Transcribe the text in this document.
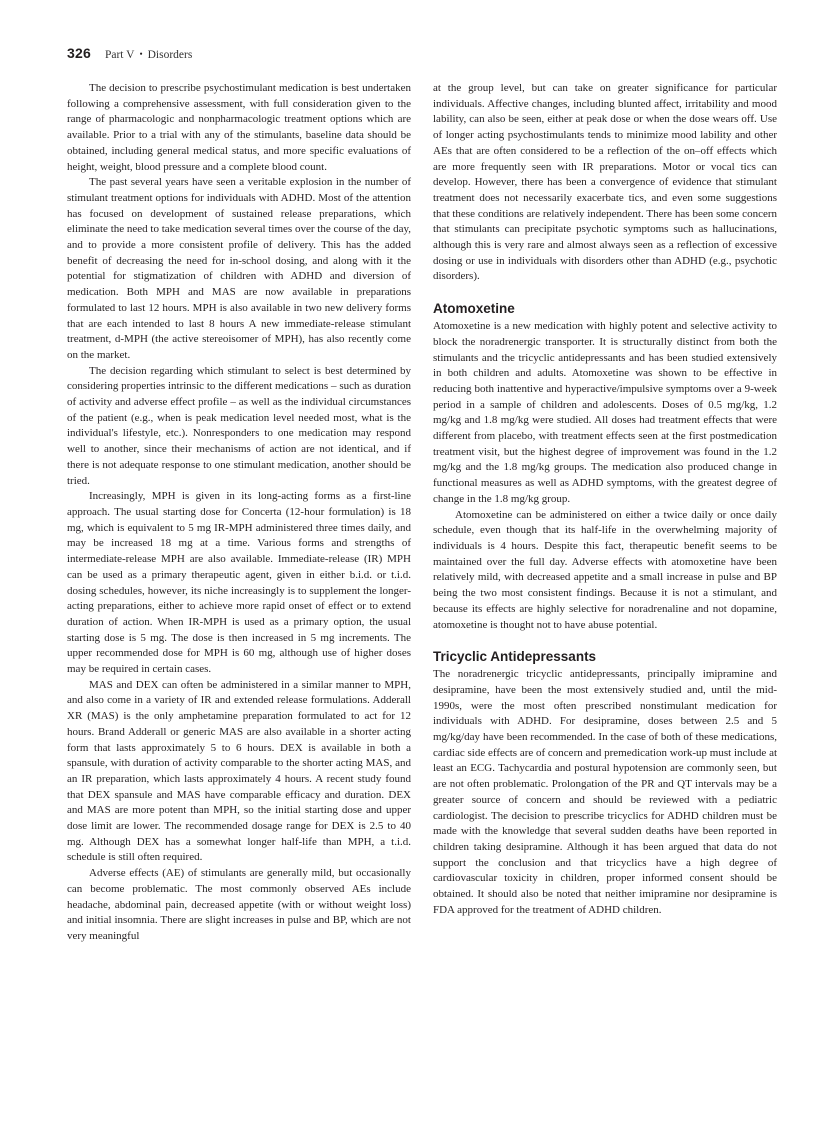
326 Part V • Disorders

The decision to prescribe psychostimulant medication is best undertaken following a comprehensive assessment, with full consideration given to the range of pharmacologic and nonpharmacologic treatment options which are available. Prior to a trial with any of the stimulants, baseline data should be obtained, including general medical status, and more specific evaluations of height, weight, blood pressure and a complete blood count.

The past several years have seen a veritable explosion in the number of stimulant treatment options for individuals with ADHD. Most of the attention has focused on development of sustained release preparations, which eliminate the need to take medication several times over the course of the day, and to provide a more consistent profile of delivery. This has the added benefit of decreasing the need for in-school dosing, and along with it the potential for stigmatization of children with ADHD and diversion of medication. Both MPH and MAS are now available in preparations formulated to last 12 hours. MPH is also available in two new delivery forms that are each intended to last 8 hours A new immediate-release stimulant treatment, d-MPH (the active stereoisomer of MPH), has also recently come on the market.

The decision regarding which stimulant to select is best determined by considering properties intrinsic to the different medications – such as duration of activity and adverse effect profile – as well as the individual circumstances of the patient (e.g., when is peak medication level needed most, what is the individual's lifestyle, etc.). Nonresponders to one medication may respond well to another, since their mechanisms of action are not identical, and if there is not adequate response to one stimulant medication, another should be tried.

Increasingly, MPH is given in its long-acting forms as a first-line approach. The usual starting dose for Concerta (12-hour formulation) is 18 mg, which is equivalent to 5 mg IR-MPH administered three times daily, and may be increased 18 mg at a time. Various forms and strengths of intermediate-release MPH are also available. Immediate-release (IR) MPH can be used as a primary therapeutic agent, given in either b.i.d. or t.i.d. dosing schedules, however, its niche increasingly is to supplement the longer-acting preparations, either to achieve more rapid onset of effect or to extend duration of action. When IR-MPH is used as a primary option, the usual starting dose is 5 mg. The dose is then increased in 5 mg increments. The upper recommended dose for MPH is 60 mg, although use of higher doses may be required in certain cases.

MAS and DEX can often be administered in a similar manner to MPH, and also come in a variety of IR and extended release formulations. Adderall XR (MAS) is the only amphetamine preparation formulated to act for 12 hours. Brand Adderall or generic MAS are also available in a shorter acting form that lasts approximately 5 to 6 hours. DEX is available in both a spansule, with duration of activity comparable to the shorter acting MAS, and an IR preparation, which lasts approximately 4 hours. A recent study found that DEX spansule and MAS have comparable efficacy and duration. DEX and MAS are more potent than MPH, so the initial starting dose and upper dose limit are lower. The recommended dosage range for DEX is 2.5 to 40 mg. Although DEX has a somewhat longer half-life than MPH, a t.i.d. schedule is still often required.

Adverse effects (AE) of stimulants are generally mild, but occasionally can become problematic. The most commonly observed AEs include headache, abdominal pain, decreased appetite (with or without weight loss) and initial insomnia. There are slight increases in pulse and BP, which are not very meaningful

at the group level, but can take on greater significance for particular individuals. Affective changes, including blunted affect, irritability and mood lability, can also be seen, either at peak dose or when the dose wears off. Use of longer acting psychostimulants tends to minimize mood lability and other AEs that are often considered to be a reflection of the on–off effects which are more frequently seen with IR preparations. Motor or vocal tics can develop. However, there has been a convergence of evidence that stimulant treatment does not necessarily exacerbate tics, and even some suggestions that these conditions are relatively independent. There has been some concern that stimulants can precipitate psychotic symptoms such as hallucinations, although this is very rare and almost always seen as a reflection of excessive dosing or use in individuals with disorders other than ADHD (e.g., psychotic disorders).

Atomoxetine

Atomoxetine is a new medication with highly potent and selective activity to block the noradrenergic transporter. It is structurally distinct from both the stimulants and the tricyclic antidepressants and has been studied extensively in both children and adults. Atomoxetine was shown to be effective in reducing both inattentive and hyperactive/impulsive symptoms over a 9-week period in a sample of children and adolescents. Doses of 0.5 mg/kg, 1.2 mg/kg and 1.8 mg/kg were studied. All doses had treatment effects that were different from placebo, with treatment effects seen at the first postmedication treatment visit, but the highest degree of improvement was found in the 1.2 mg/kg and the 1.8 mg/kg groups. The medication also produced change in functional measures as well as ADHD symptoms, with the greatest degree of change in the 1.8 mg/kg group.

Atomoxetine can be administered on either a twice daily or once daily schedule, even though that its half-life in the overwhelming majority of individuals is 4 hours. Despite this fact, therapeutic benefit seems to be maintained over the full day. Adverse effects with atomoxetine have been relatively mild, with decreased appetite and a small increase in pulse and BP being the two most consistent findings. Because it is not a stimulant, and because its effects are highly selective for noradrenaline and not dopamine, atomoxetine is thought not to have abuse potential.

Tricyclic Antidepressants

The noradrenergic tricyclic antidepressants, principally imipramine and desipramine, have been the most extensively studied and, until the mid-1990s, were the most often prescribed nonstimulant medication for individuals with ADHD. For desipramine, doses between 2.5 and 5 mg/kg/day have been recommended. In the case of both of these medications, cardiac side effects are of concern and premedication work-up must include at least an ECG. Tachycardia and postural hypotension are commonly seen, but are not often problematic. Prolongation of the PR and QT intervals may be a greater source of concern and should be reviewed with a pediatric cardiologist. The decision to prescribe tricyclics for ADHD children must be made with the knowledge that several sudden deaths have been reported in children taking desipramine. Although it has been argued that data do not support the conclusion and that tricyclics have a high degree of cardiovascular toxicity in children, proper informed consent should be obtained. It should also be noted that neither imipramine nor desipramine is FDA approved for the treatment of ADHD children.
